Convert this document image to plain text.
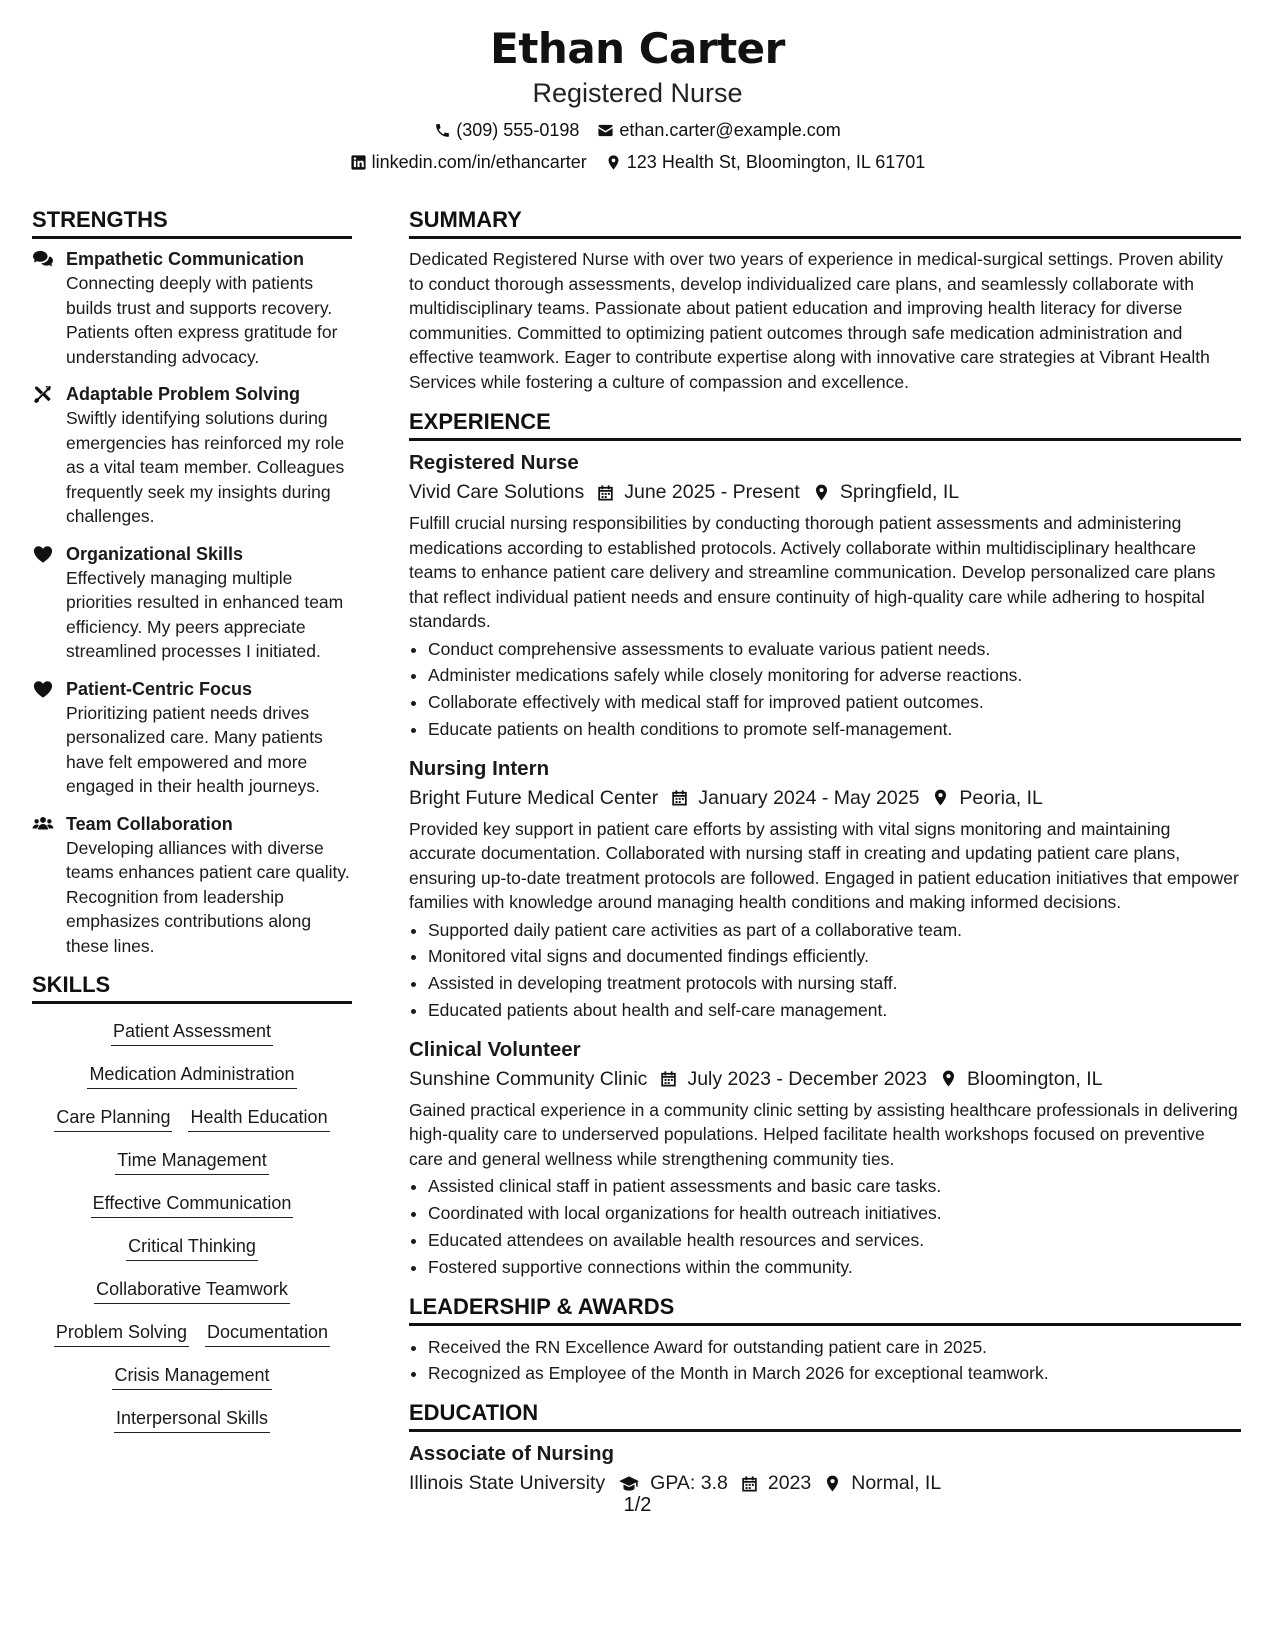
Ethan Carter
Registered Nurse
(309) 555-0198 ethan.carter@example.com
linkedin.com/in/ethancarter 123 Health St, Bloomington, IL 61701
STRENGTHS
Empathetic Communication
Connecting deeply with patients builds trust and supports recovery. Patients often express gratitude for understanding advocacy.
Adaptable Problem Solving
Swiftly identifying solutions during emergencies has reinforced my role as a vital team member. Colleagues frequently seek my insights during challenges.
Organizational Skills
Effectively managing multiple priorities resulted in enhanced team efficiency. My peers appreciate streamlined processes I initiated.
Patient-Centric Focus
Prioritizing patient needs drives personalized care. Many patients have felt empowered and more engaged in their health journeys.
Team Collaboration
Developing alliances with diverse teams enhances patient care quality. Recognition from leadership emphasizes contributions along these lines.
SKILLS
Patient Assessment
Medication Administration
Care Planning Health Education
Time Management
Effective Communication
Critical Thinking
Collaborative Teamwork
Problem Solving Documentation
Crisis Management
Interpersonal Skills
SUMMARY
Dedicated Registered Nurse with over two years of experience in medical-surgical settings. Proven ability to conduct thorough assessments, develop individualized care plans, and seamlessly collaborate with multidisciplinary teams. Passionate about patient education and improving health literacy for diverse communities. Committed to optimizing patient outcomes through safe medication administration and effective teamwork. Eager to contribute expertise along with innovative care strategies at Vibrant Health Services while fostering a culture of compassion and excellence.
EXPERIENCE
Registered Nurse
Vivid Care Solutions June 2025 - Present Springfield, IL
Fulfill crucial nursing responsibilities by conducting thorough patient assessments and administering medications according to established protocols. Actively collaborate within multidisciplinary healthcare teams to enhance patient care delivery and streamline communication. Develop personalized care plans that reflect individual patient needs and ensure continuity of high-quality care while adhering to hospital standards.
• Conduct comprehensive assessments to evaluate various patient needs.
• Administer medications safely while closely monitoring for adverse reactions.
• Collaborate effectively with medical staff for improved patient outcomes.
• Educate patients on health conditions to promote self-management.
Nursing Intern
Bright Future Medical Center January 2024 - May 2025 Peoria, IL
Provided key support in patient care efforts by assisting with vital signs monitoring and maintaining accurate documentation. Collaborated with nursing staff in creating and updating patient care plans, ensuring up-to-date treatment protocols are followed. Engaged in patient education initiatives that empower families with knowledge around managing health conditions and making informed decisions.
• Supported daily patient care activities as part of a collaborative team.
• Monitored vital signs and documented findings efficiently.
• Assisted in developing treatment protocols with nursing staff.
• Educated patients about health and self-care management.
Clinical Volunteer
Sunshine Community Clinic July 2023 - December 2023 Bloomington, IL
Gained practical experience in a community clinic setting by assisting healthcare professionals in delivering high-quality care to underserved populations. Helped facilitate health workshops focused on preventive care and general wellness while strengthening community ties.
• Assisted clinical staff in patient assessments and basic care tasks.
• Coordinated with local organizations for health outreach initiatives.
• Educated attendees on available health resources and services.
• Fostered supportive connections within the community.
LEADERSHIP & AWARDS
• Received the RN Excellence Award for outstanding patient care in 2025.
• Recognized as Employee of the Month in March 2026 for exceptional teamwork.
EDUCATION
Associate of Nursing
Illinois State University GPA: 3.8 2023 Normal, IL
1/2
